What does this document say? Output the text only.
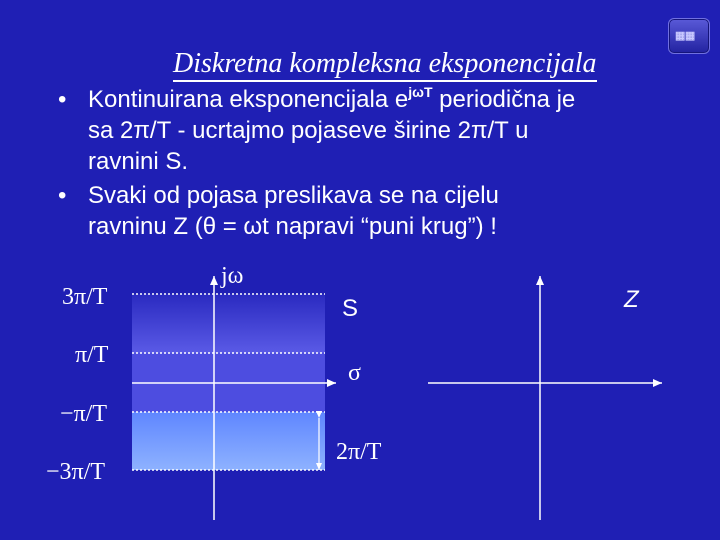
▦▦
Diskretna kompleksna eksponencijala
• Kontinuirana eksponencijala $e^{j\omega T}$ periodična je
sa 2π/T - ucrtajmo pojaseve širine 2π/T u
ravnini S.
• Svaki od pojasa preslikava se na cijelu
ravninu Z (θ = ωt napravi “puni krug”) !
jω
S
σ
Z
3π/T
π/T
−π/T
−3π/T
2π/T
